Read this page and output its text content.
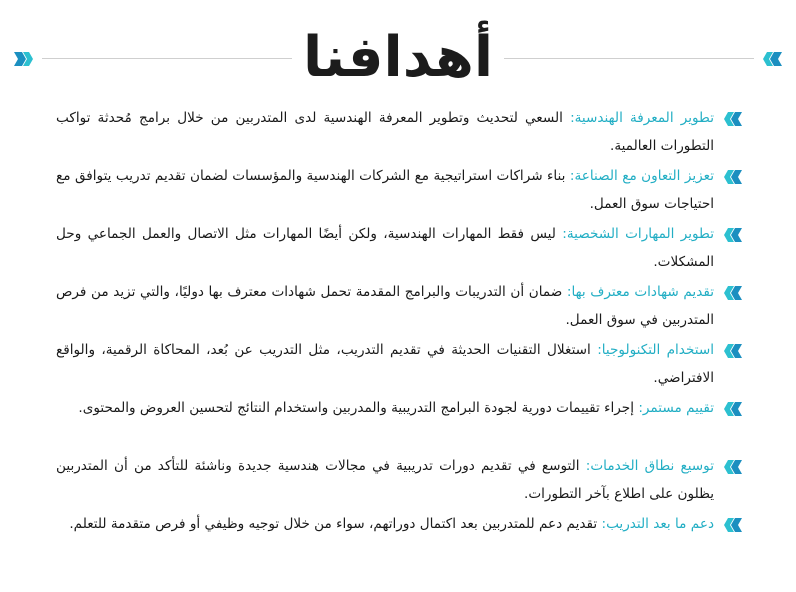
أهدافنا
تطوير المعرفة الهندسية: السعي لتحديث وتطوير المعرفة الهندسية لدى المتدربين من خلال برامج مُحدثة تواكب التطورات العالمية.
تعزيز التعاون مع الصناعة: بناء شراكات استراتيجية مع الشركات الهندسية والمؤسسات لضمان تقديم تدريب يتوافق مع احتياجات سوق العمل.
تطوير المهارات الشخصية: ليس فقط المهارات الهندسية، ولكن أيضًا المهارات مثل الاتصال والعمل الجماعي وحل المشكلات.
تقديم شهادات معترف بها: ضمان أن التدريبات والبرامج المقدمة تحمل شهادات معترف بها دوليًا، والتي تزيد من فرص المتدربين في سوق العمل.
استخدام التكنولوجيا: استغلال التقنيات الحديثة في تقديم التدريب، مثل التدريب عن بُعد، المحاكاة الرقمية، والواقع الافتراضي.
تقييم مستمر: إجراء تقييمات دورية لجودة البرامج التدريبية والمدربين واستخدام النتائج لتحسين العروض والمحتوى.
توسيع نطاق الخدمات: التوسع في تقديم دورات تدريبية في مجالات هندسية جديدة وناشئة للتأكد من أن المتدربين يظلون على اطلاع بآخر التطورات.
دعم ما بعد التدريب: تقديم دعم للمتدربين بعد اكتمال دوراتهم، سواء من خلال توجيه وظيفي أو فرص متقدمة للتعلم.
